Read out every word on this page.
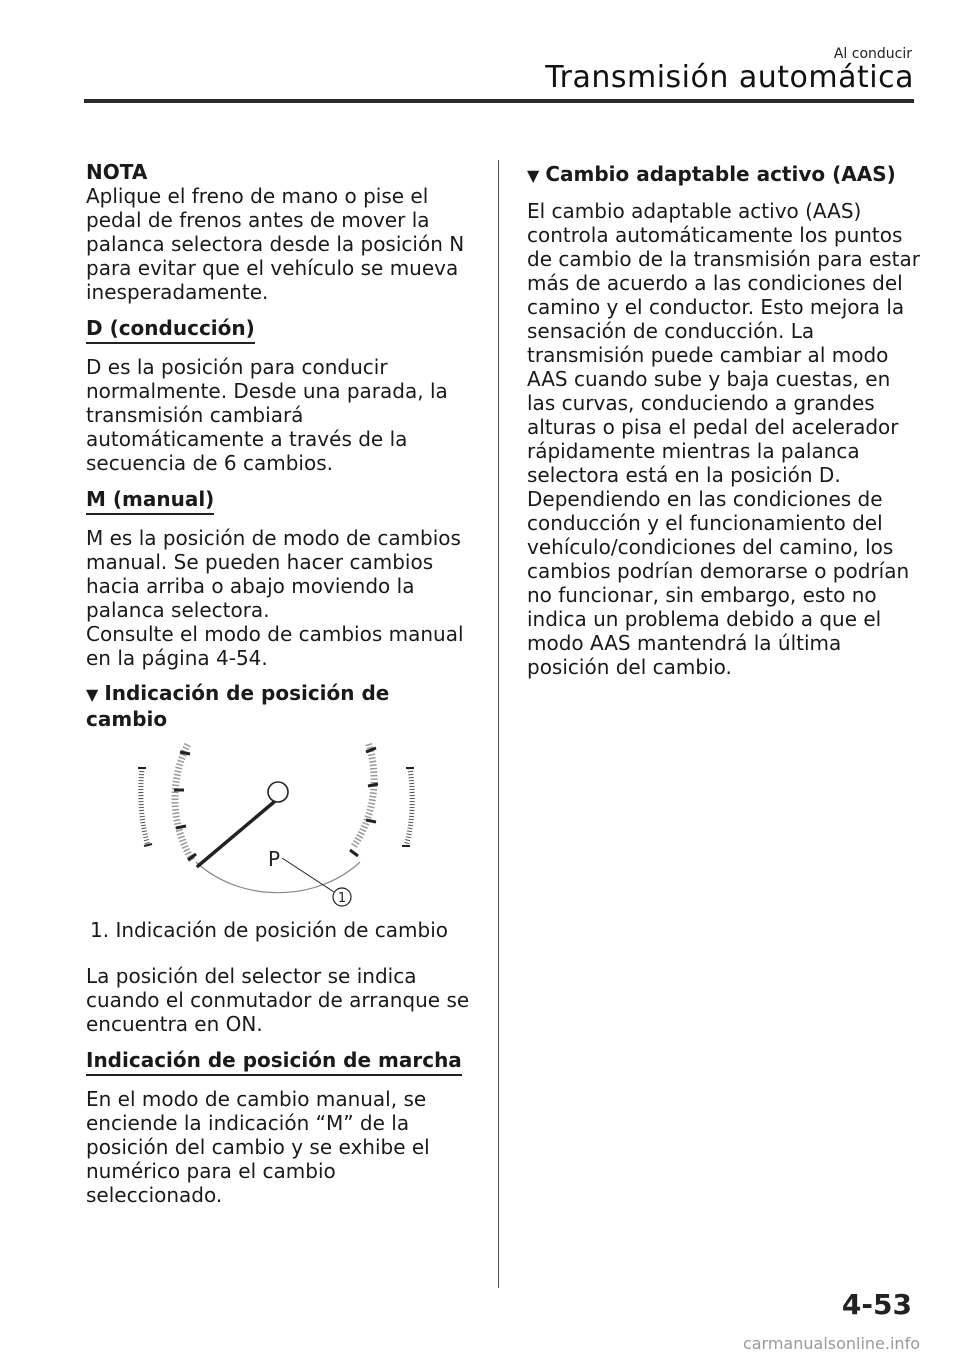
Al conducir
Transmisión automática

NOTA

Aplique el freno de mano o pise el pedal de frenos antes de mover la palanca selectora desde la posición N para evitar que el vehículo se mueva inesperadamente.

D (conducción)

D es la posición para conducir normalmente. Desde una parada, la transmisión cambiará automáticamente a través de la secuencia de 6 cambios.

M (manual)

M es la posición de modo de cambios manual. Se pueden hacer cambios hacia arriba o abajo moviendo la palanca selectora.

Consulte el modo de cambios manual en la página 4-54.

▼ Indicación de posición de cambio
P
1

1. Indicación de posición de cambio

La posición del selector se indica cuando el conmutador de arranque se encuentra en ON.

Indicación de posición de marcha

En el modo de cambio manual, se enciende la indicación “M” de la posición del cambio y se exhibe el numérico para el cambio seleccionado.

▼ Cambio adaptable activo (AAS)

El cambio adaptable activo (AAS) controla automáticamente los puntos de cambio de la transmisión para estar más de acuerdo a las condiciones del camino y el conductor. Esto mejora la sensación de conducción. La transmisión puede cambiar al modo AAS cuando sube y baja cuestas, en las curvas, conduciendo a grandes alturas o pisa el pedal del acelerador rápidamente mientras la palanca selectora está en la posición D. Dependiendo en las condiciones de conducción y el funcionamiento del vehículo/condiciones del camino, los cambios podrían demorarse o podrían no funcionar, sin embargo, esto no indica un problema debido a que el modo AAS mantendrá la última posición del cambio.

4-53
carmanualsonline.info
